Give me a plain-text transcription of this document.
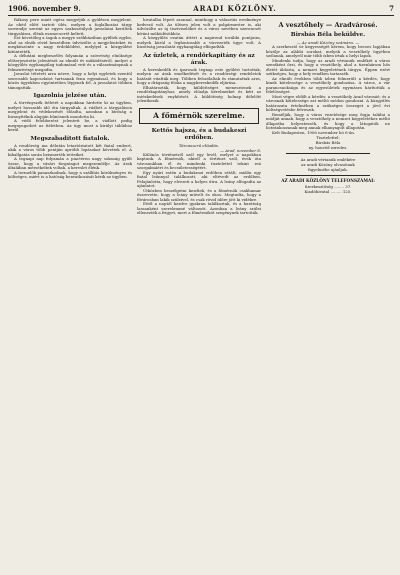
1906. november 9.	ARADI KÖZLÖNY.	7

Rákosy pere miatt egész megyéjük a gyűlésen megjelent. Az ebéd előtt tartott ülés, melyen a foglalkozási tárgy sorrendje szerint az egyes szakosztályok javaslatai kerültek tárgyalásra, élénk eszmecserét keltett.

Ezt követőleg a tagok a megye székházában gyűltek egybe, ahol az elnök rövid beszédben üdvözölte a megjelenteket és megköszönte a nagy érdeklődést, melylyel a közgyűlést kitüntették.

A délutáni megbeszélés folyamán a szövetség elnöksége előterjesztette jelentését az elmúlt év működéséről, melyet a közgyűlés egyhangúlag tudomásul vett és a választmánynak a felmentvényt megadta.

Javaslat tétetett arra nézve, hogy a helyi egyletek ezentúl szorosabb kapcsolatot tartsanak fenn egymással, és hogy a közös ügyekben egyöntetűen lépjenek fel. A javaslatot többen támogatták.

Igazolnia jelzése után.

A törvényszék ítéletét a napokban hirdette ki az ügyben, melyet hosszabb idő óta tárgyaltak. A vádlott a tárgyaláson megjelent és védekezését előadta, azonban a bíróság a bizonyítékok alapján bűnösnek mondotta ki.

A védő felebbezést jelentett be, a vádlott pedig megnyugodott az ítéletben. Az ügy most a királyi táblához kerül.

Megszabadított fiatalok.

A rendőrség ma délután letartóztatott két fiatal embert, akik a város több pontján apróbb lopásokat követtek el. A kihallgatás során beismerték tetteiket.

A tegnapi nap folyamán a piactéren nagy sokaság gyűlt össze, hogy a vásári forgatagot megszemlélje. Az árak általában mérsékeltek voltak, a kereslet élénk.

A termelők panaszkodnak, hogy a szállítás körülményes és költséges, miért is a hatóság beavatkozását kérik az ügyben.

hivatalba lépett azonnal, minthogy a választás eredménye kedvező volt. Az ülésen jelen volt a polgármester is, aki üdvözölte az új tisztviselőket és a város nevében szerencsét kívánt működésükhöz.

A közgyűlés ezután áttért a napirend további pontjaira, melyek közül a legfontosabb a vízvezeték ügye volt. A bizottság javaslatát egyhangúlag elfogadták.

Az üzletek, a rendőrkapitány és az árak.

A kereskedők és iparosok tegnap este gyűlést tartottak, melyen az árak emelkedését és a rendőrségi rendeletek hatását vitatták meg. Többen felszólaltak és rámutattak arra, hogy a drágaság főoka a nagykereskedők eljárása.

Elhatározták, hogy küldöttséget menesztenek a rendőrkapitányhoz, amely előadja kérelmeiket és kéri az intézkedések enyhítését. A küldöttség holnap délelőtt jelentkezik.

A főmérnök szerelme.
Kettős hajsza, és a budakeszi erdőben.
Tárcaszerű előadás.
— Arad, november 8.

Különös történetről szól egy levél, melyet a napokban kaptunk. A főmérnök, akiről a történet szól, évek óta városunkban él és mindenki tisztelettel tekint reá szorgalmáért és becsületességéért.

Egy nyári estén a budakeszi erdőben sétált, midőn egy fiatal leánnyal találkozott, aki eltévedt az erdőben. Felajánlotta, hogy elvezeti a helyes útra. A leány elfogadta az ajánlatot.

Útközben beszélgetni kezdtek, és a főmérnök csakhamar észrevette, hogy a leány művelt és okos. Megtudta, hogy a fővárosban lakik szüleivel, és csak rövid időre jött ki vidékre.

Ettől a naptól kezdve gyakran találkoztak, és a barátság lassanként szerelemmé változott. Azonban a leány szülei ellenezték a frigyet, mert a főmérnököt szegénynek tartották.

A vesztőhely — Aradvárosé.
Birsbás Béla beküldve.
— Az aradi Közöny számára. —

A szerkesztő úr kegyességét kérem, hogy becses lapjában közölje az alábbi sorokat, melyek a vesztőhely ügyében szólanak, amelyről már több ízben írtak a helyi lapok.

Mindenki tudja, hogy az aradi vértanúk emlékét a város szentként őrzi, és hogy a vesztőhely, ahol a tizenhárom hős életét áldozta, a nemzet kegyeletének tárgya. Éppen ezért szükséges, hogy a hely rendben tartassék.

Az elmúlt években több ízben felmerült a kérdés, hogy kinek kötelessége a vesztőhely gondozása. A város, a vár parancsnoksága és az egyesületek egymásra hárították a felelősséget.

Most végre eldőlt a kérdés: a vesztőhely Arad városáé, és a városnak kötelessége azt méltó módon gondozni. A közgyűlés határozata értelmében a szükséges összeget a jövő évi költségvetésbe felveszik.

Reméljük, hogy a város vezetősége meg fogja találni a módját annak, hogy a vesztőhely a nemzet kegyeletéhez méltó állapotba helyeztessék, és hogy a látogatók ne botránkozzanak meg annak elhanyagolt állapotán.

Kelt Budapesten, 1906 november hó 6-án.

Tisztelettel:
Birsbás Béla
ny. honvéd ezredes.
Az aradi vértanúk emlékére
az aradi Közöny olvasóinak
figyelmébe ajánljuk.
AZ ARADI KÖZLÖNY TELEFONSZÁMAI:
Szerkesztőség ........ 37.
Kiadóhivatal ......... 125.
